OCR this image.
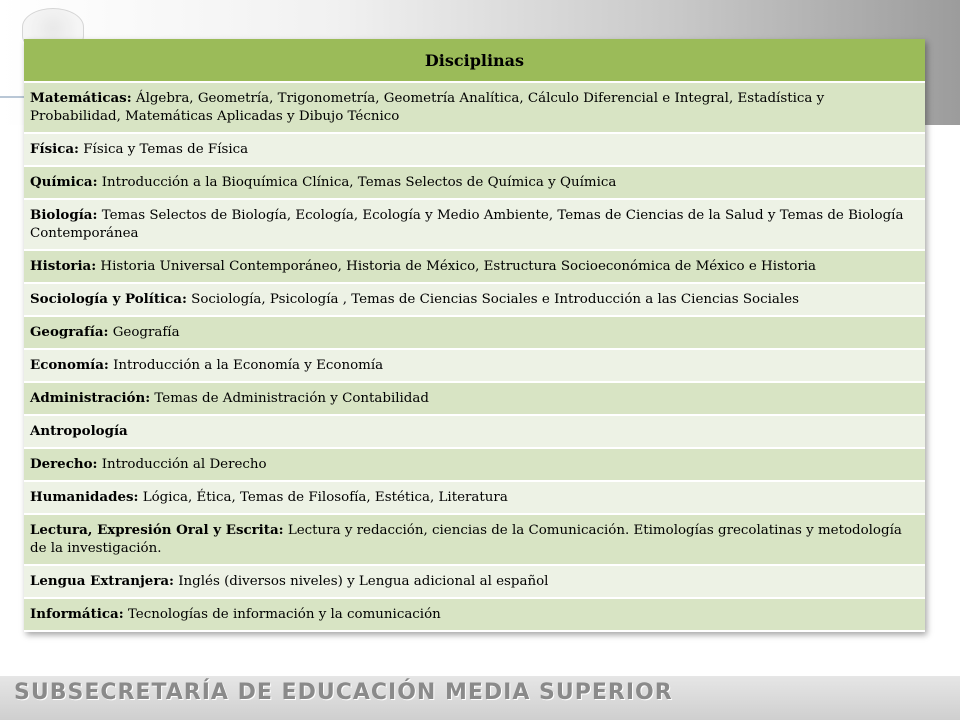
SUBSECRETARÍA DE EDUCACIÓN MEDIA SUPERIOR
Disciplinas
Matemáticas: Álgebra, Geometría, Trigonometría, Geometría Analítica, Cálculo Diferencial e Integral, Estadística y Probabilidad, Matemáticas Aplicadas y Dibujo Técnico
Física: Física y Temas de Física
Química: Introducción a la Bioquímica Clínica, Temas Selectos de Química y Química
Biología: Temas Selectos de Biología, Ecología, Ecología y Medio Ambiente, Temas de Ciencias de la Salud y Temas de Biología Contemporánea
Historia: Historia Universal Contemporáneo, Historia de México, Estructura Socioeconómica de México e Historia
Sociología y Política: Sociología, Psicología , Temas de Ciencias Sociales e Introducción a las Ciencias Sociales
Geografía: Geografía
Economía: Introducción a la Economía y Economía
Administración: Temas de Administración y Contabilidad
Antropología
Derecho: Introducción al Derecho
Humanidades: Lógica, Ética, Temas de Filosofía, Estética, Literatura
Lectura, Expresión Oral y Escrita: Lectura y redacción, ciencias de la Comunicación. Etimologías grecolatinas y metodología de la investigación.
Lengua Extranjera: Inglés (diversos niveles) y Lengua adicional al español
Informática: Tecnologías de información y la comunicación
